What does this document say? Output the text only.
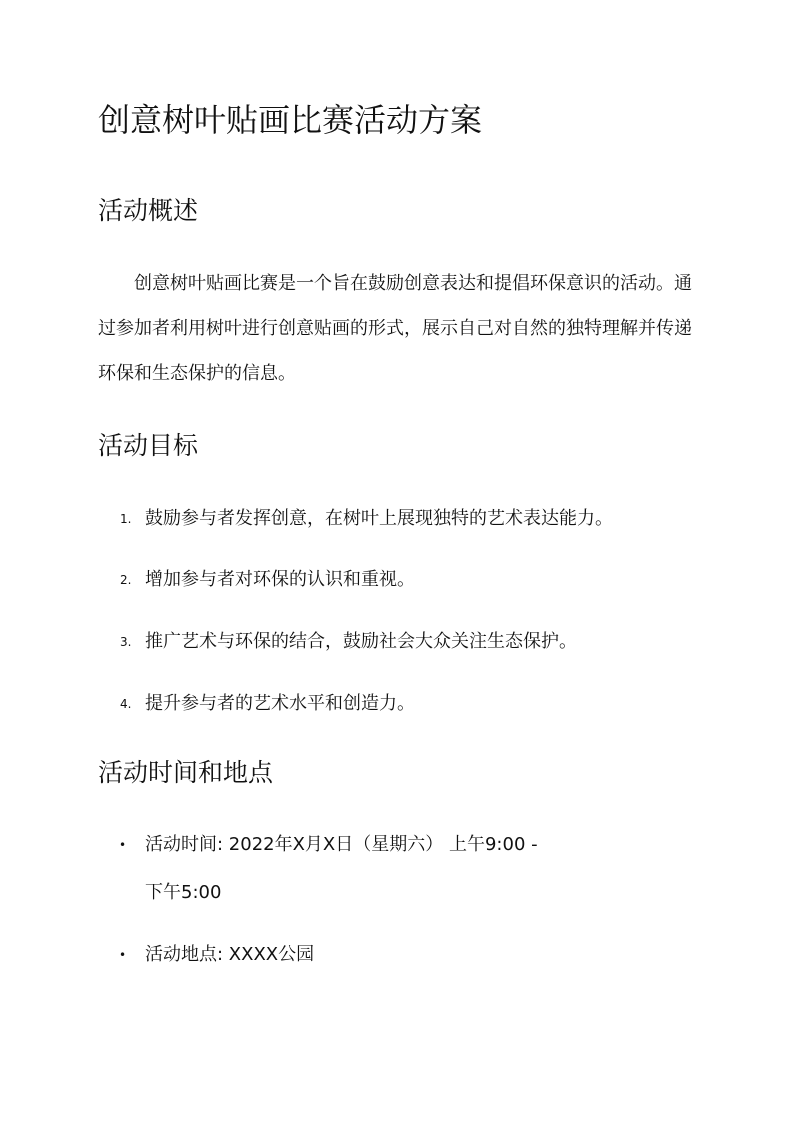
创意树叶贴画比赛活动方案
活动概述

创意树叶贴画比赛是一个旨在鼓励创意表达和提倡环保意识的活动。通过参加者利用树叶进行创意贴画的形式，展示自己对自然的独特理解并传递环保和生态保护的信息。

活动目标
1. 鼓励参与者发挥创意，在树叶上展现独特的艺术表达能力。
2. 增加参与者对环保的认识和重视。
3. 推广艺术与环保的结合，鼓励社会大众关注生态保护。
4. 提升参与者的艺术水平和创造力。
活动时间和地点
• 活动时间: 2022年X月X日（星期六） 上午9:00 -
下午5:00
• 活动地点: XXXX公园
